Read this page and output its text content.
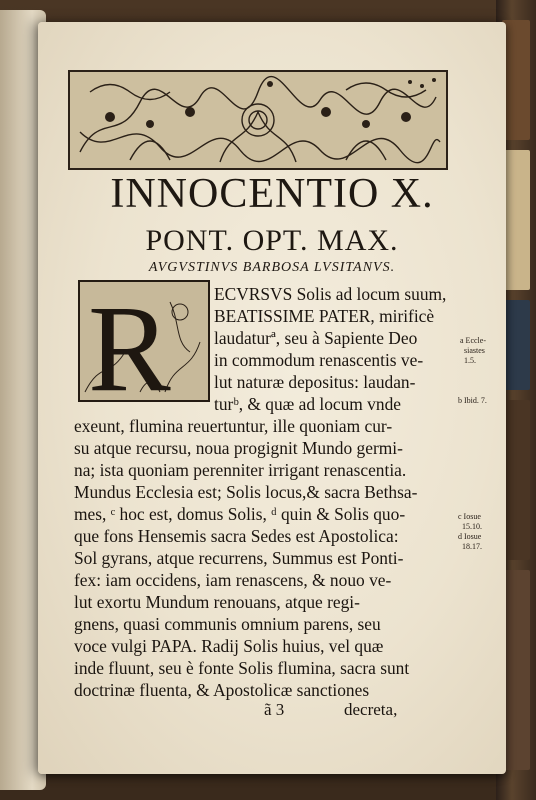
INNOCENTIO X.
PONT. OPT. MAX.
AVGVSTINVS BARBOSA LVSITANVS.
R ECVRSVS Solis ad locum suum,
BEATISSIME PATER, mirificè
laudaturª, seu à Sapiente Deo
in commodum renascentis ve-
lut naturæ depositus: laudan-
turᵇ, & quæ ad locum vnde
exeunt, flumina reuertuntur, ille quoniam cur-
su atque recursu, noua progignit Mundo germi-
na; ista quoniam perenniter irrigant renascentia.
Mundus Ecclesia est; Solis locus,& sacra Bethsa-
mes, ᶜ hoc est, domus Solis, ᵈ quin & Solis quo-
que fons Hensemis sacra Sedes est Apostolica:
Sol gyrans, atque recurrens, Summus est Ponti-
fex: iam occidens, iam renascens, & nouo ve-
lut exortu Mundum renouans, atque regi-
gnens, quasi communis omnium parens, seu
voce vulgi PAPA. Radij Solis huius, vel quæ
inde fluunt, seu è fonte Solis flumina, sacra sunt
doctrinæ fluenta, & Apostolicæ sanctiones
a Eccle-
siastes
1.5.
b Ibid. 7.
c Iosue
15.10.
d Iosue
18.17.
ã 3	decreta,
